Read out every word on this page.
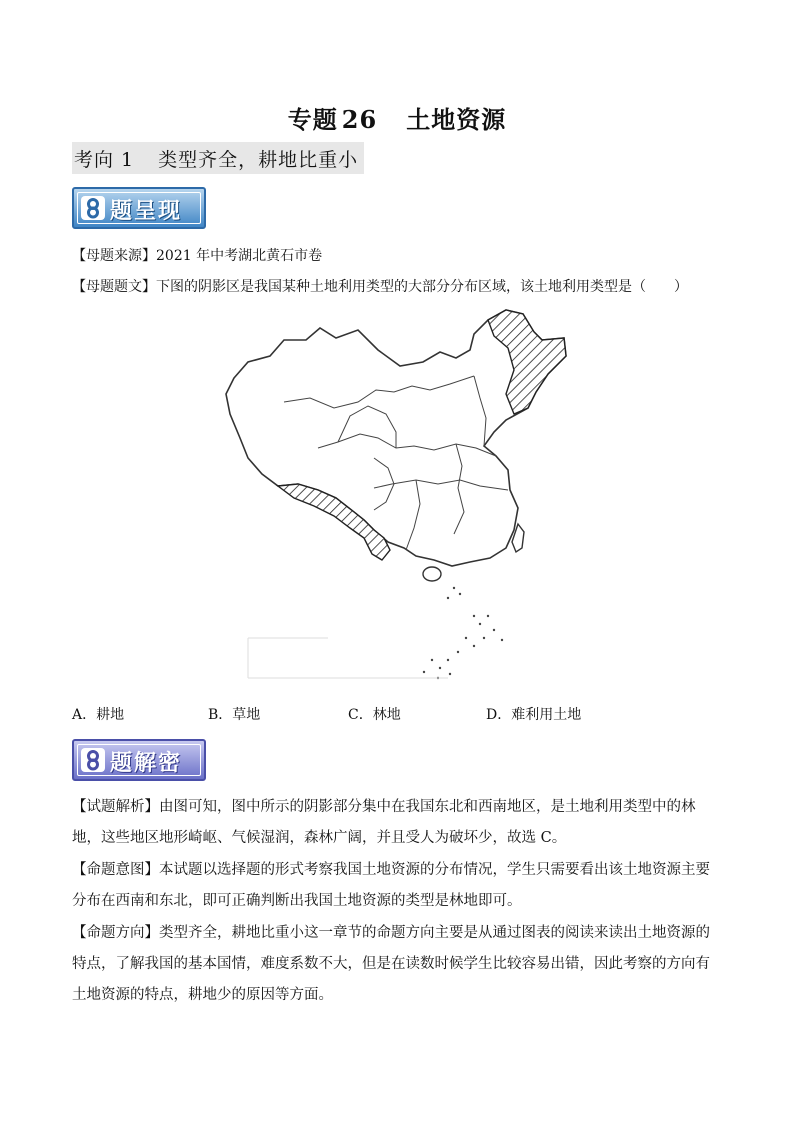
专题 26　 土地资源
考向 1 类型齐全，耕地比重小
题呈现
【母题来源】2021 年中考湖北黄石市卷
【母题题文】下图的阴影区是我国某种土地利用类型的大部分分布区域，该土地利用类型是（　　）
A．耕地	B．草地	C．林地	D．难利用土地
题解密
【试题解析】由图可知，图中所示的阴影部分集中在我国东北和西南地区，是土地利用类型中的林地，这些地区地形崎岖、气候湿润，森林广阔，并且受人为破坏少，故选 C。
【命题意图】本试题以选择题的形式考察我国土地资源的分布情况，学生只需要看出该土地资源主要分布在西南和东北，即可正确判断出我国土地资源的类型是林地即可。
【命题方向】类型齐全，耕地比重小这一章节的命题方向主要是从通过图表的阅读来读出土地资源的特点，了解我国的基本国情，难度系数不大，但是在读数时候学生比较容易出错，因此考察的方向有土地资源的特点，耕地少的原因等方面。
